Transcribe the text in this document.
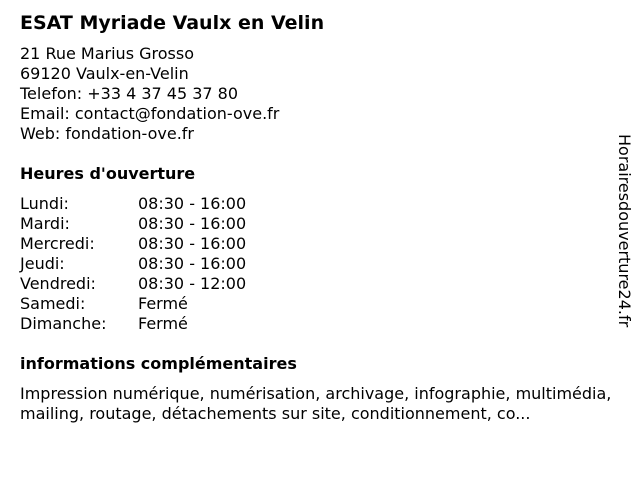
ESAT Myriade Vaulx en Velin
21 Rue Marius Grosso
69120 Vaulx-en-Velin
Telefon: +33 4 37 45 37 80
Email: contact@fondation-ove.fr
Web: fondation-ove.fr
Heures d'ouverture
Lundi:	08:30 - 16:00
Mardi:	08:30 - 16:00
Mercredi:	08:30 - 16:00
Jeudi:	08:30 - 16:00
Vendredi:	08:30 - 12:00
Samedi:	Fermé
Dimanche: Fermé
informations complémentaires
Impression numérique, numérisation, archivage, infographie, multimédia, mailing, routage, détachements sur site, conditionnement, co...
Horairesdouverture24.fr
